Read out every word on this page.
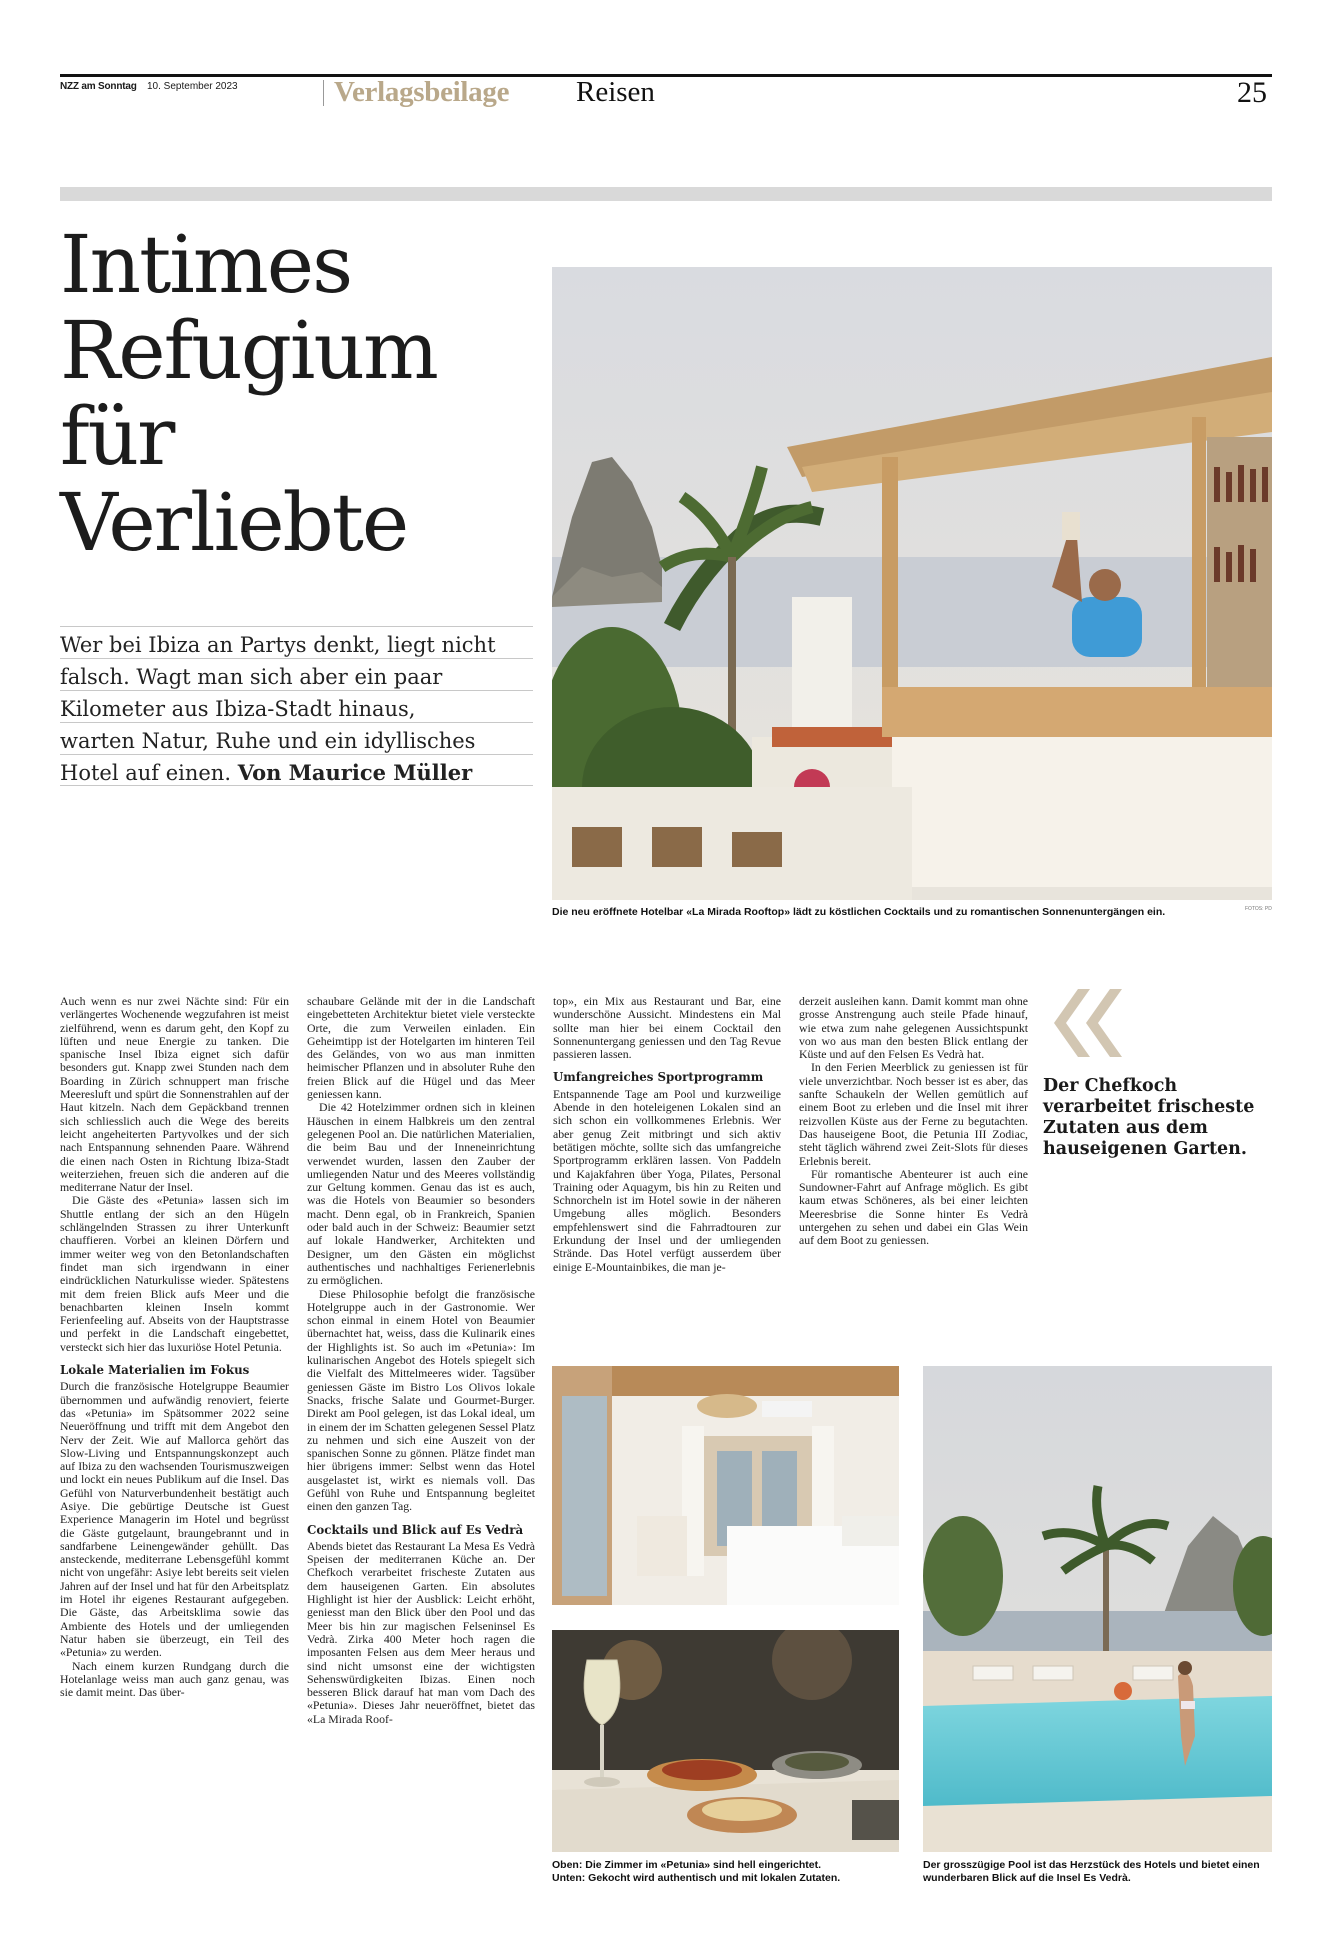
NZZ am Sonntag 10. September 2023	Verlagsbeilage Reisen	25
Intimes
Refugium
für
Verliebte
Wer bei Ibiza an Partys denkt, liegt nicht
falsch. Wagt man sich aber ein paar
Kilometer aus Ibiza-Stadt hinaus,
warten Natur, Ruhe und ein idyllisches
Hotel auf einen. Von Maurice Müller
Die neu eröffnete Hotelbar «La Mirada Rooftop» lädt zu köstlichen Cocktails und zu romantischen Sonnenuntergängen ein.	FOTOS: PD

Auch wenn es nur zwei Nächte sind: Für ein verlängertes Wochenende wegzufahren ist meist zielführend, wenn es darum geht, den Kopf zu lüften und neue Energie zu tanken. Die spanische Insel Ibiza eignet sich dafür besonders gut. Knapp zwei Stunden nach dem Boarding in Zürich schnuppert man frische Meeresluft und spürt die Sonnenstrahlen auf der Haut kitzeln. Nach dem Gepäckband trennen sich schliesslich auch die Wege des bereits leicht angeheiterten Partyvolkes und der sich nach Entspannung sehnenden Paare. Während die einen nach Osten in Richtung Ibiza-Stadt weiterziehen, freuen sich die anderen auf die mediterrane Natur der Insel.

Die Gäste des «Petunia» lassen sich im Shuttle entlang der sich an den Hügeln schlängelnden Strassen zu ihrer Unterkunft chauffieren. Vorbei an kleinen Dörfern und immer weiter weg von den Betonlandschaften findet man sich irgendwann in einer eindrücklichen Naturkulisse wieder. Spätestens mit dem freien Blick aufs Meer und die benachbarten kleinen Inseln kommt Ferienfeeling auf. Abseits von der Hauptstrasse und perfekt in die Landschaft eingebettet, versteckt sich hier das luxuriöse Hotel Petunia.

Lokale Materialien im Fokus

Durch die französische Hotelgruppe Beaumier übernommen und aufwändig renoviert, feierte das «Petunia» im Spätsommer 2022 seine Neueröffnung und trifft mit dem Angebot den Nerv der Zeit. Wie auf Mallorca gehört das Slow-Living und Entspannungskonzept auch auf Ibiza zu den wachsenden Tourismuszweigen und lockt ein neues Publikum auf die Insel. Das Gefühl von Naturverbundenheit bestätigt auch Asiye. Die gebürtige Deutsche ist Guest Experience Managerin im Hotel und begrüsst die Gäste gutgelaunt, braungebrannt und in sandfarbene Leinengewänder gehüllt. Das ansteckende, mediterrane Lebensgefühl kommt nicht von ungefähr: Asiye lebt bereits seit vielen Jahren auf der Insel und hat für den Arbeitsplatz im Hotel ihr eigenes Restaurant aufgegeben. Die Gäste, das Arbeitsklima sowie das Ambiente des Hotels und der umliegenden Natur haben sie überzeugt, ein Teil des «Petunia» zu werden.

Nach einem kurzen Rundgang durch die Hotelanlage weiss man auch ganz genau, was sie damit meint. Das über-

schaubare Gelände mit der in die Landschaft eingebetteten Architektur bietet viele versteckte Orte, die zum Verweilen einladen. Ein Geheimtipp ist der Hotelgarten im hinteren Teil des Geländes, von wo aus man inmitten heimischer Pflanzen und in absoluter Ruhe den freien Blick auf die Hügel und das Meer geniessen kann.

Die 42 Hotelzimmer ordnen sich in kleinen Häuschen in einem Halbkreis um den zentral gelegenen Pool an. Die natürlichen Materialien, die beim Bau und der Inneneinrichtung verwendet wurden, lassen den Zauber der umliegenden Natur und des Meeres vollständig zur Geltung kommen. Genau das ist es auch, was die Hotels von Beaumier so besonders macht. Denn egal, ob in Frankreich, Spanien oder bald auch in der Schweiz: Beaumier setzt auf lokale Handwerker, Architekten und Designer, um den Gästen ein möglichst authentisches und nachhaltiges Ferienerlebnis zu ermöglichen.

Diese Philosophie befolgt die französische Hotelgruppe auch in der Gastronomie. Wer schon einmal in einem Hotel von Beaumier übernachtet hat, weiss, dass die Kulinarik eines der Highlights ist. So auch im «Petunia»: Im kulinarischen Angebot des Hotels spiegelt sich die Vielfalt des Mittelmeeres wider. Tagsüber geniessen Gäste im Bistro Los Olivos lokale Snacks, frische Salate und Gourmet-Burger. Direkt am Pool gelegen, ist das Lokal ideal, um in einem der im Schatten gelegenen Sessel Platz zu nehmen und sich eine Auszeit von der spanischen Sonne zu gönnen. Plätze findet man hier übrigens immer: Selbst wenn das Hotel ausgelastet ist, wirkt es niemals voll. Das Gefühl von Ruhe und Entspannung begleitet einen den ganzen Tag.

Cocktails und Blick auf Es Vedrà

Abends bietet das Restaurant La Mesa Es Vedrà Speisen der mediterranen Küche an. Der Chefkoch verarbeitet frischeste Zutaten aus dem hauseigenen Garten. Ein absolutes Highlight ist hier der Ausblick: Leicht erhöht, geniesst man den Blick über den Pool und das Meer bis hin zur magischen Felseninsel Es Vedrà. Zirka 400 Meter hoch ragen die imposanten Felsen aus dem Meer heraus und sind nicht umsonst eine der wichtigsten Sehenswürdigkeiten Ibizas. Einen noch besseren Blick darauf hat man vom Dach des «Petunia». Dieses Jahr neueröffnet, bietet das «La Mirada Roof-

top», ein Mix aus Restaurant und Bar, eine wunderschöne Aussicht. Mindestens ein Mal sollte man hier bei einem Cocktail den Sonnenuntergang geniessen und den Tag Revue passieren lassen.

Umfangreiches Sportprogramm

Entspannende Tage am Pool und kurzweilige Abende in den hoteleigenen Lokalen sind an sich schon ein vollkommenes Erlebnis. Wer aber genug Zeit mitbringt und sich aktiv betätigen möchte, sollte sich das umfangreiche Sportprogramm erklären lassen. Von Paddeln und Kajakfahren über Yoga, Pilates, Personal Training oder Aquagym, bis hin zu Reiten und Schnorcheln ist im Hotel sowie in der näheren Umgebung alles möglich. Besonders empfehlenswert sind die Fahrradtouren zur Erkundung der Insel und der umliegenden Strände. Das Hotel verfügt ausserdem über einige E-Mountainbikes, die man je-

derzeit ausleihen kann. Damit kommt man ohne grosse Anstrengung auch steile Pfade hinauf, wie etwa zum nahe gelegenen Aussichtspunkt von wo aus man den besten Blick entlang der Küste und auf den Felsen Es Vedrà hat.

In den Ferien Meerblick zu geniessen ist für viele unverzichtbar. Noch besser ist es aber, das sanfte Schaukeln der Wellen gemütlich auf einem Boot zu erleben und die Insel mit ihrer reizvollen Küste aus der Ferne zu begutachten. Das hauseigene Boot, die Petunia III Zodiac, steht täglich während zwei Zeit-Slots für dieses Erlebnis bereit.

Für romantische Abenteurer ist auch eine Sundowner-Fahrt auf Anfrage möglich. Es gibt kaum etwas Schöneres, als bei einer leichten Meeresbrise die Sonne hinter Es Vedrà untergehen zu sehen und dabei ein Glas Wein auf dem Boot zu geniessen.

Der Chefkoch verarbeitet frischeste Zutaten aus dem hauseigenen Garten.
Oben: Die Zimmer im «Petunia» sind hell eingerichtet.
Unten: Gekocht wird authentisch und mit lokalen Zutaten.
Der grosszügige Pool ist das Herzstück des Hotels und bietet einen wunderbaren Blick auf die Insel Es Vedrà.
